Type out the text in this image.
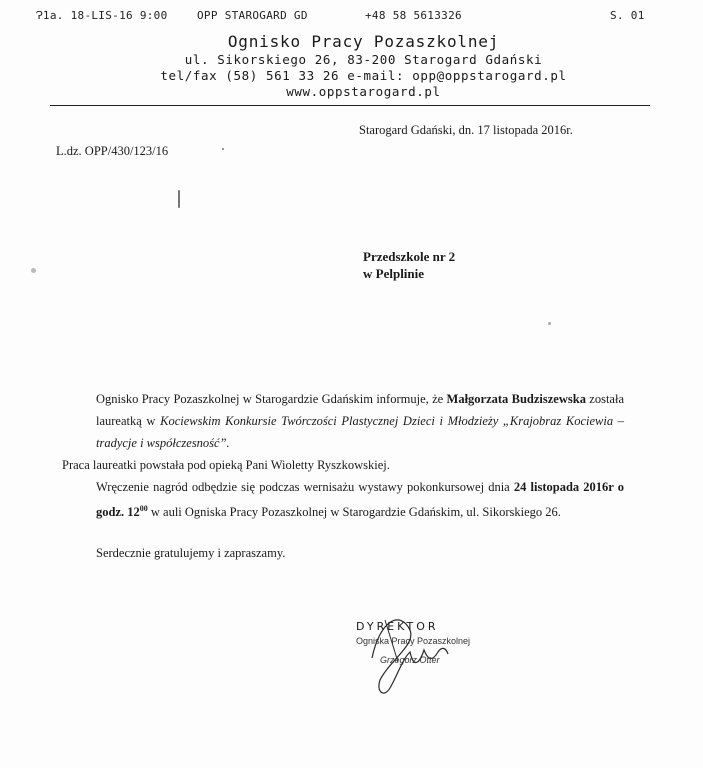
Ɂ1a. 18-LIS-16 9:00	OPP STAROGARD GD	+48 58 5613326	S. 01
Ognisko Pracy Pozaszkolnej
ul. Sikorskiego 26, 83-200 Starogard Gdański
tel/fax (58) 561 33 26 e-mail: opp@oppstarogard.pl
www.oppstarogard.pl
Starogard Gdański, dn. 17 listopada 2016r.
L.dz. OPP/430/123/16
Przedszkole nr 2
w Pelplinie
Ognisko Pracy Pozaszkolnej w Starogardzie Gdańskim informuje, że Małgorzata Budziszewska została laureatką w Kociewskim Konkursie Twórczości Plastycznej Dzieci i Młodzieży „Krajobraz Kociewia – tradycje i współczesność”.
Praca laureatki powstała pod opieką Pani Wioletty Ryszkowskiej.
Wręczenie nagród odbędzie się podczas wernisażu wystawy pokonkursowej dnia 24 listopada 2016r o godz. $12^{00}$ w auli Ogniska Pracy Pozaszkolnej w Starogardzie Gdańskim, ul. Sikorskiego 26.
Serdecznie gratulujemy i zapraszamy.
DYREKTOR
Ogniska Pracy Pozaszkolnej
Grzegorz Otter
